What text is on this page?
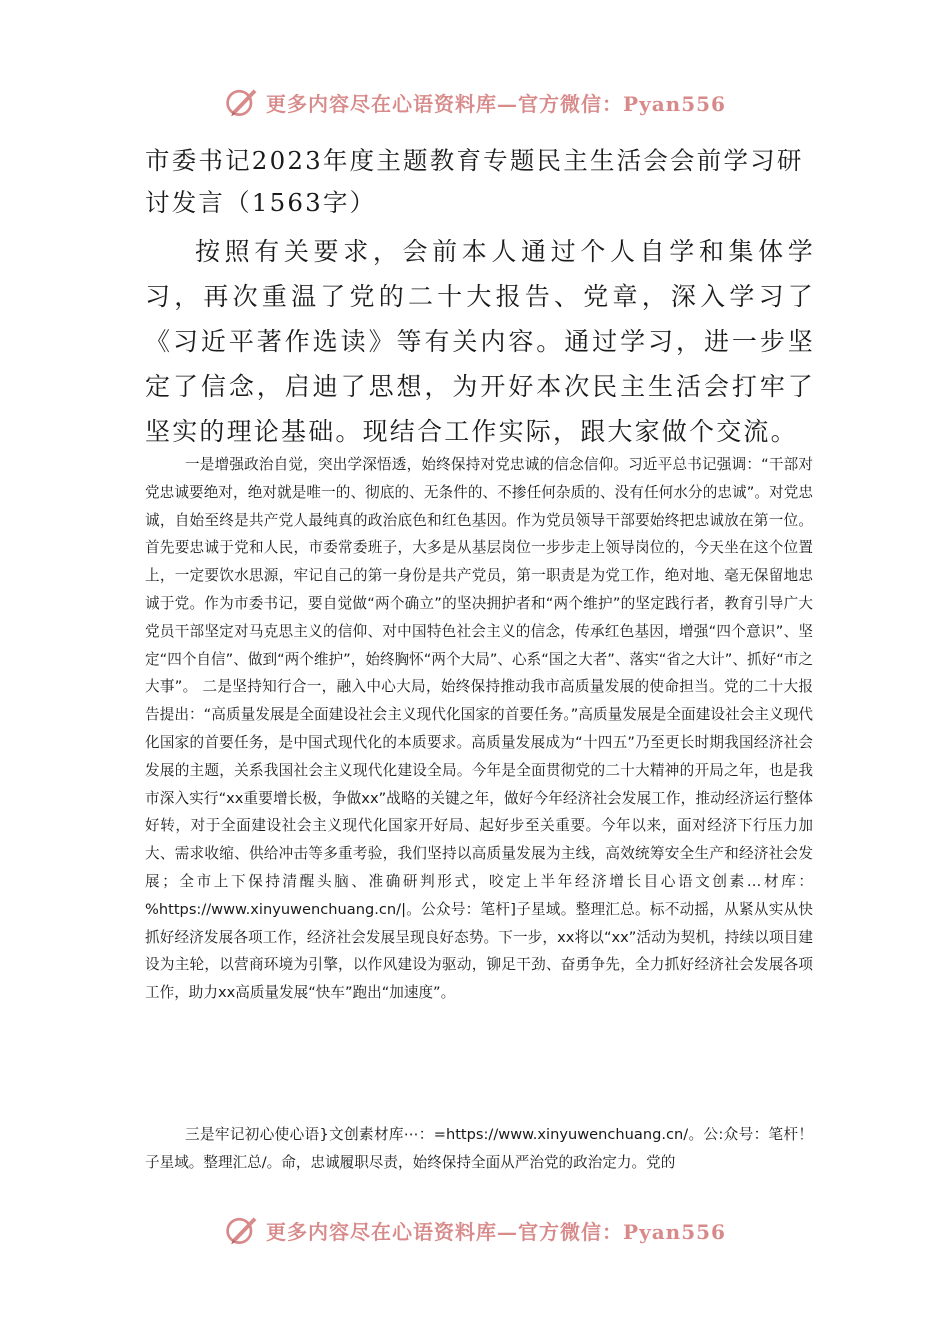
更多内容尽在心语资料库—官方微信：Pyan556
市委书记2023年度主题教育专题民主生活会会前学习研讨发言（1563字）

按照有关要求，会前本人通过个人自学和集体学习，再次重温了党的二十大报告、党章，深入学习了《习近平著作选读》等有关内容。通过学习，进一步坚定了信念，启迪了思想，为开好本次民主生活会打牢了坚实的理论基础。现结合工作实际，跟大家做个交流。

一是增强政治自觉，突出学深悟透，始终保持对党忠诚的信念信仰。习近平总书记强调：“干部对党忠诚要绝对，绝对就是唯一的、彻底的、无条件的、不掺任何杂质的、没有任何水分的忠诚”。对党忠诚，自始至终是共产党人最纯真的政治底色和红色基因。作为党员领导干部要始终把忠诚放在第一位。首先要忠诚于党和人民，市委常委班子，大多是从基层岗位一步步走上领导岗位的，今天坐在这个位置上，一定要饮水思源，牢记自己的第一身份是共产党员，第一职责是为党工作，绝对地、毫无保留地忠诚于党。作为市委书记，要自觉做“两个确立”的坚决拥护者和“两个维护”的坚定践行者，教育引导广大党员干部坚定对马克思主义的信仰、对中国特色社会主义的信念，传承红色基因，增强“四个意识”、坚定“四个自信”、做到“两个维护”，始终胸怀“两个大局”、心系“国之大者”、落实“省之大计”、抓好“市之大事”。 二是坚持知行合一，融入中心大局，始终保持推动我市高质量发展的使命担当。党的二十大报告提出：“高质量发展是全面建设社会主义现代化国家的首要任务。”高质量发展是全面建设社会主义现代化国家的首要任务，是中国式现代化的本质要求。高质量发展成为“十四五”乃至更长时期我国经济社会发展的主题，关系我国社会主义现代化建设全局。今年是全面贯彻党的二十大精神的开局之年，也是我市深入实行“xx重要增长极，争做xx”战略的关键之年，做好今年经济社会发展工作，推动经济运行整体好转，对于全面建设社会主义现代化国家开好局、起好步至关重要。今年以来，面对经济下行压力加大、需求收缩、供给冲击等多重考验，我们坚持以高质量发展为主线，高效统筹安全生产和经济社会发展；全市上下保持清醒头脑、准确研判形式，咬定上半年经济增长目心语文创素…材库：%https://www.xinyuwenchuang.cn/|。公众号：笔杆]子星域。整理汇总。标不动摇，从紧从实从快抓好经济发展各项工作，经济社会发展呈现良好态势。下一步，xx将以“xx”活动为契机，持续以项目建设为主轮，以营商环境为引擎，以作风建设为驱动，铆足干劲、奋勇争先，全力抓好经济社会发展各项工作，助力xx高质量发展“快车”跑出“加速度”。

三是牢记初心使心语}文创素材库⋯：=https://www.xinyuwenchuang.cn/。公:众号：笔杆！子星域。整理汇总/。命，忠诚履职尽责，始终保持全面从严治党的政治定力。党的

更多内容尽在心语资料库—官方微信：Pyan556
